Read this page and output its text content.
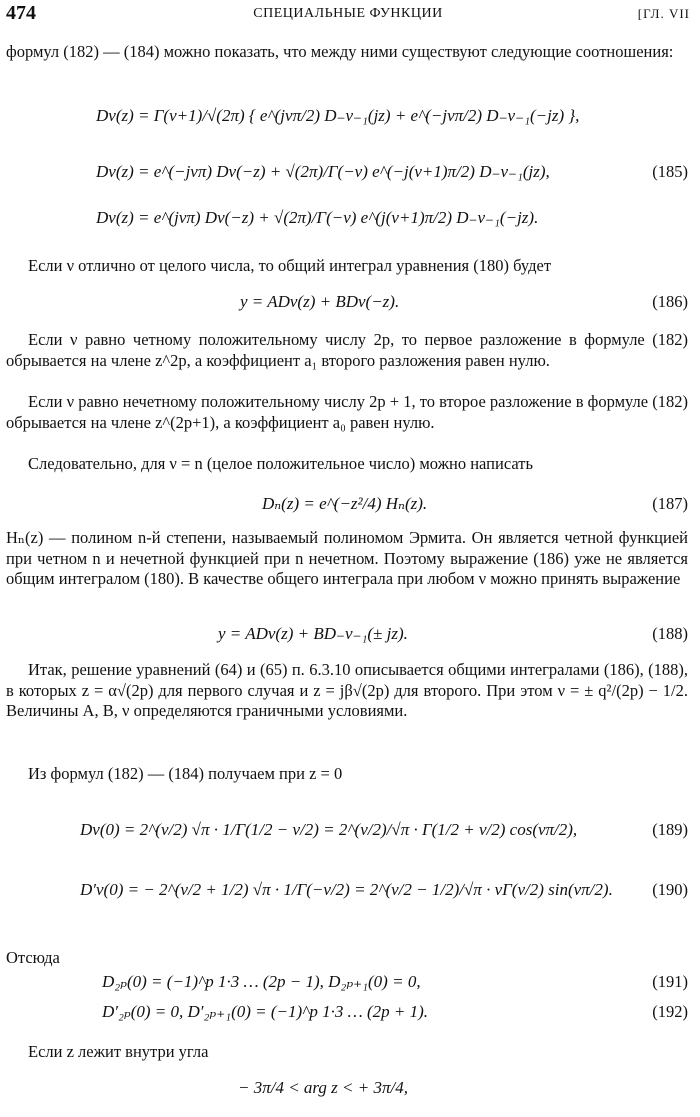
474	СПЕЦИАЛЬНЫЕ ФУНКЦИИ	[ГЛ. VII
формул (182) — (184) можно показать, что между ними существуют следующие соотношения:
Dν(z) = Γ(ν+1)/√(2π) { e^(jνπ/2) D₋ν₋₁(jz) + e^(−jνπ/2) D₋ν₋₁(−jz) },
Dν(z) = e^(−jνπ) Dν(−z) + √(2π)/Γ(−ν) e^(−j(ν+1)π/2) D₋ν₋₁(jz),	(185)
Dν(z) = e^(jνπ) Dν(−z) + √(2π)/Γ(−ν) e^(j(ν+1)π/2) D₋ν₋₁(−jz).
Если ν отлично от целого числа, то общий интеграл уравнения (180) будет
y = ADν(z) + BDν(−z).	(186)
Если ν равно четному положительному числу 2p, то первое разложение в формуле (182) обрывается на члене z^2p, а коэффициент a₁ второго разложения равен нулю.
Если ν равно нечетному положительному числу 2p + 1, то второе разложение в формуле (182) обрывается на члене z^(2p+1), а коэффициент a₀ равен нулю.
Следовательно, для ν = n (целое положительное число) можно написать
Dₙ(z) = e^(−z²/4) Hₙ(z).	(187)
Hₙ(z) — полином n-й степени, называемый полиномом Эрмита. Он является четной функцией при четном n и нечетной функцией при n нечетном. Поэтому выражение (186) уже не является общим интегралом (180). В качестве общего интеграла при любом ν можно принять выражение
y = ADν(z) + BD₋ν₋₁(± jz).	(188)
Итак, решение уравнений (64) и (65) п. 6.3.10 описывается общими интегралами (186), (188), в которых z = α√(2p) для первого случая и z = jβ√(2p) для второго. При этом ν = ± q²/(2p) − 1/2. Величины A, B, ν определяются граничными условиями.
Из формул (182) — (184) получаем при z = 0
Dν(0) = 2^(ν/2) √π · 1/Γ(1/2 − ν/2) = 2^(ν/2)/√π · Γ(1/2 + ν/2) cos(νπ/2),	(189)
D′ν(0) = − 2^(ν/2 + 1/2) √π · 1/Γ(−ν/2) = 2^(ν/2 − 1/2)/√π · νΓ(ν/2) sin(νπ/2). (190)
Отсюда
D₂ₚ(0) = (−1)^p 1·3 … (2p − 1), D₂ₚ₊₁(0) = 0,	(191)
D′₂ₚ(0) = 0, D′₂ₚ₊₁(0) = (−1)^p 1·3 … (2p + 1).	(192)
Если z лежит внутри угла
− 3π/4 < arg z < + 3π/4,
